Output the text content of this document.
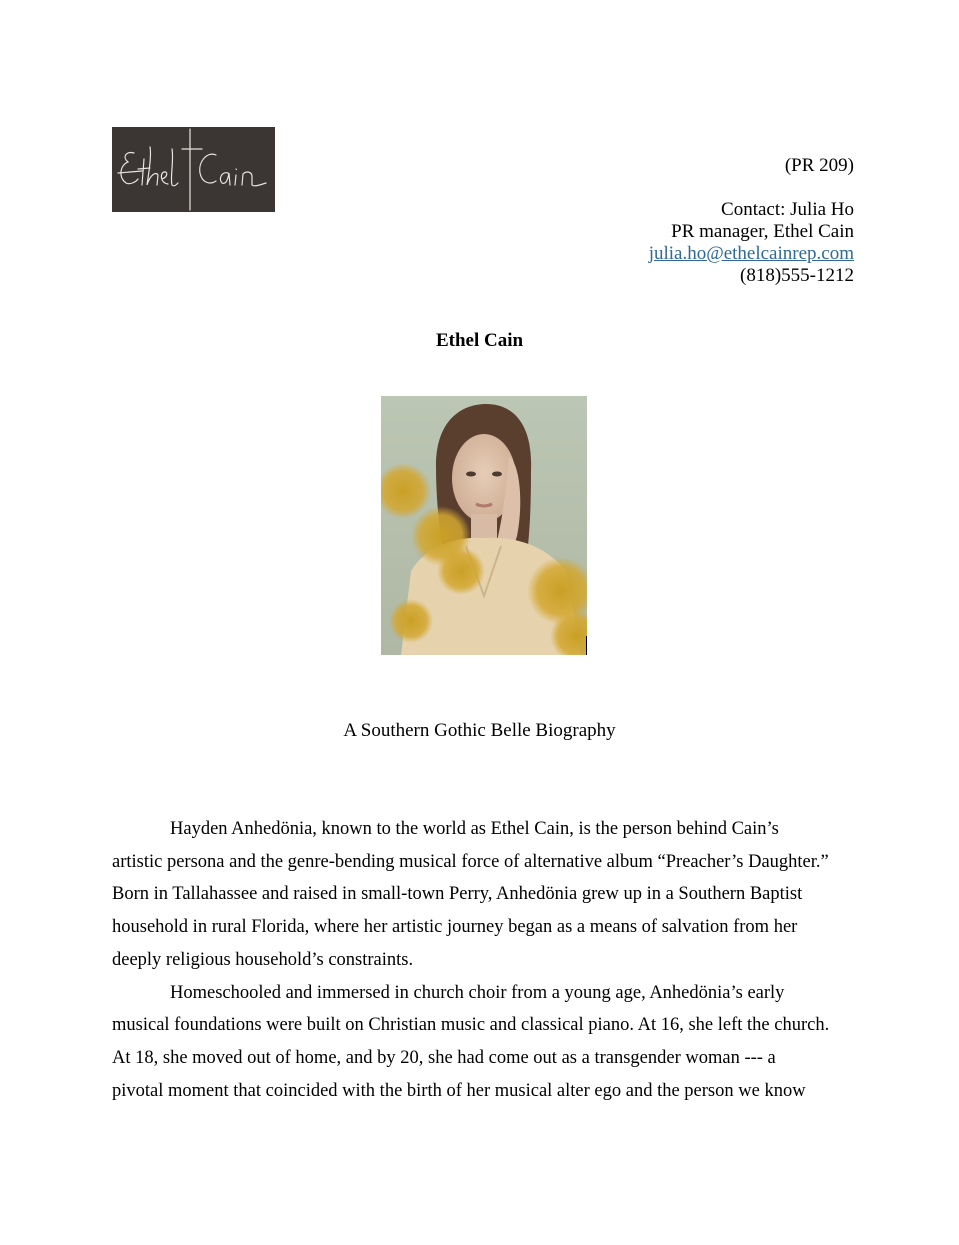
(PR 209)
Contact: Julia Ho
PR manager, Ethel Cain
julia.ho@ethelcainrep.com
(818)555-1212
Ethel Cain
A Southern Gothic Belle Biography

Hayden Anhedönia, known to the world as Ethel Cain, is the person behind Cain’s
artistic persona and the genre-bending musical force of alternative album “Preacher’s Daughter.”
Born in Tallahassee and raised in small-town Perry, Anhedönia grew up in a Southern Baptist
household in rural Florida, where her artistic journey began as a means of salvation from her
deeply religious household’s constraints.

Homeschooled and immersed in church choir from a young age, Anhedönia’s early
musical foundations were built on Christian music and classical piano. At 16, she left the church.
At 18, she moved out of home, and by 20, she had come out as a transgender woman --- a
pivotal moment that coincided with the birth of her musical alter ego and the person we know
